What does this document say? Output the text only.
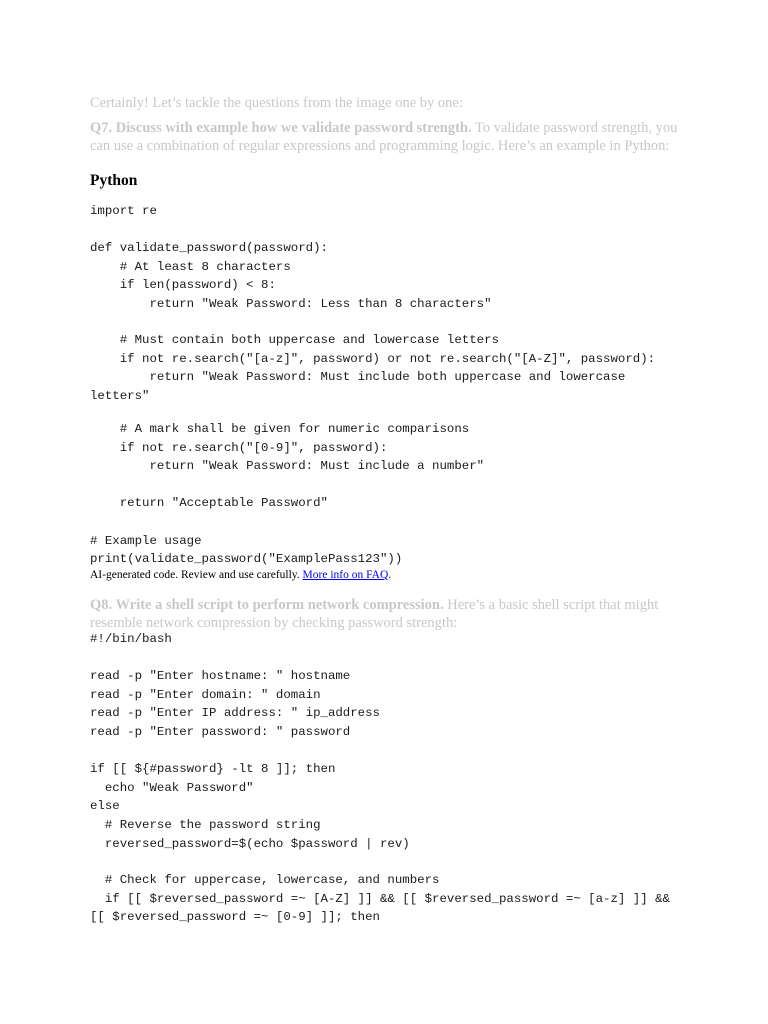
Certainly! Let’s tackle the questions from the image one by one:

Q7. Discuss with example how we validate password strength. To validate password strength, you can use a combination of regular expressions and programming logic. Here’s an example in Python:

Python

import re

def validate_password(password):
# At least 8 characters
if len(password) < 8:
return "Weak Password: Less than 8 characters"

# Must contain both uppercase and lowercase letters
if not re.search("[a-z]", password) or not re.search("[A-Z]", password):
return "Weak Password: Must include both uppercase and lowercase
letters"
# A mark shall be given for numeric comparisons
if not re.search("[0-9]", password):
return "Weak Password: Must include a number"

return "Acceptable Password"

# Example usage
print(validate_password("ExamplePass123"))

AI-generated code. Review and use carefully. More info on FAQ.

Q8. Write a shell script to perform network compression. Here’s a basic shell script that might resemble network compression by checking password strength:

#!/bin/bash

read -p "Enter hostname: " hostname
read -p "Enter domain: " domain
read -p "Enter IP address: " ip_address
read -p "Enter password: " password

if [[ ${#password} -lt 8 ]]; then
echo "Weak Password"
else
# Reverse the password string
reversed_password=$(echo $password | rev)

# Check for uppercase, lowercase, and numbers
if [[ $reversed_password =~ [A-Z] ]] && [[ $reversed_password =~ [a-z] ]] &&
[[ $reversed_password =~ [0-9] ]]; then
